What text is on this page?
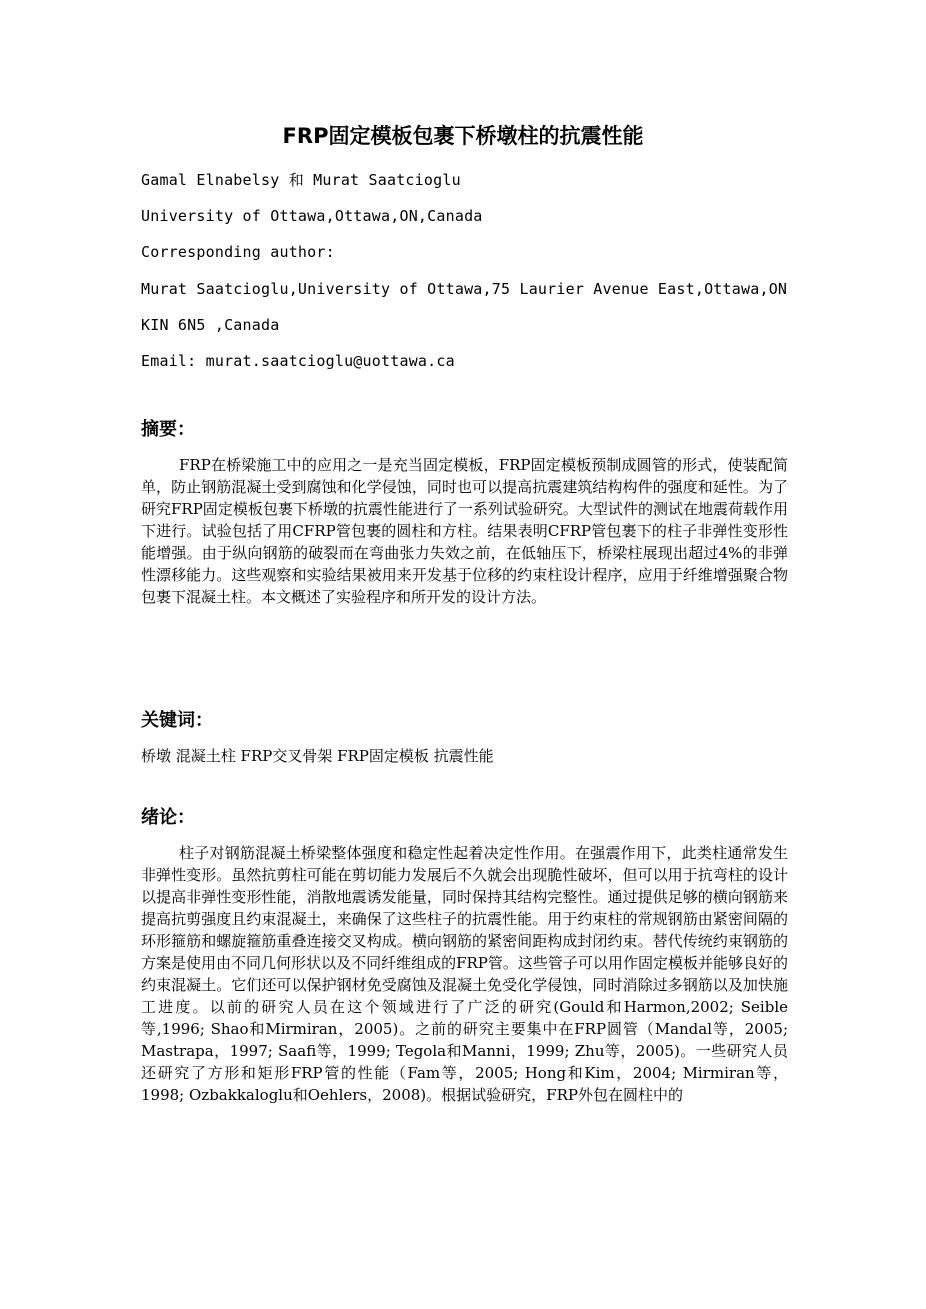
FRP固定模板包裹下桥墩柱的抗震性能
Gamal Elnabelsy 和 Murat Saatcioglu
University of Ottawa,Ottawa,ON,Canada
Corresponding author:
Murat Saatcioglu,University of Ottawa,75 Laurier Avenue East,Ottawa,ON
KIN 6N5 ,Canada
Email: murat.saatcioglu@uottawa.ca
摘要：
FRP在桥梁施工中的应用之一是充当固定模板，FRP固定模板预制成圆管的形式，使装配简单，防止钢筋混凝土受到腐蚀和化学侵蚀，同时也可以提高抗震建筑结构构件的强度和延性。为了研究FRP固定模板包裹下桥墩的抗震性能进行了一系列试验研究。大型试件的测试在地震荷载作用下进行。试验包括了用CFRP管包裹的圆柱和方柱。结果表明CFRP管包裹下的柱子非弹性变形性能增强。由于纵向钢筋的破裂而在弯曲张力失效之前，在低轴压下，桥梁柱展现出超过4%的非弹性漂移能力。这些观察和实验结果被用来开发基于位移的约束柱设计程序，应用于纤维增强聚合物包裹下混凝土柱。本文概述了实验程序和所开发的设计方法。
关键词：
桥墩 混凝土柱 FRP交叉骨架 FRP固定模板 抗震性能
绪论：
柱子对钢筋混凝土桥梁整体强度和稳定性起着决定性作用。在强震作用下，此类柱通常发生非弹性变形。虽然抗剪柱可能在剪切能力发展后不久就会出现脆性破坏，但可以用于抗弯柱的设计以提高非弹性变形性能，消散地震诱发能量，同时保持其结构完整性。通过提供足够的横向钢筋来提高抗剪强度且约束混凝土，来确保了这些柱子的抗震性能。用于约束柱的常规钢筋由紧密间隔的环形箍筋和螺旋箍筋重叠连接交叉构成。横向钢筋的紧密间距构成封闭约束。替代传统约束钢筋的方案是使用由不同几何形状以及不同纤维组成的FRP管。这些管子可以用作固定模板并能够良好的约束混凝土。它们还可以保护钢材免受腐蚀及混凝土免受化学侵蚀，同时消除过多钢筋以及加快施工进度。以前的研究人员在这个领域进行了广泛的研究(Gould和Harmon,2002; Seible等,1996; Shao和Mirmiran，2005)。之前的研究主要集中在FRP圆管（Mandal等，2005; Mastrapa，1997; Saafi等，1999; Tegola和Manni，1999; Zhu等，2005)。一些研究人员还研究了方形和矩形FRP管的性能（Fam等，2005; Hong和Kim，2004; Mirmiran等，1998; Ozbakkaloglu和Oehlers，2008)。根据试验研究，FRP外包在圆柱中的
